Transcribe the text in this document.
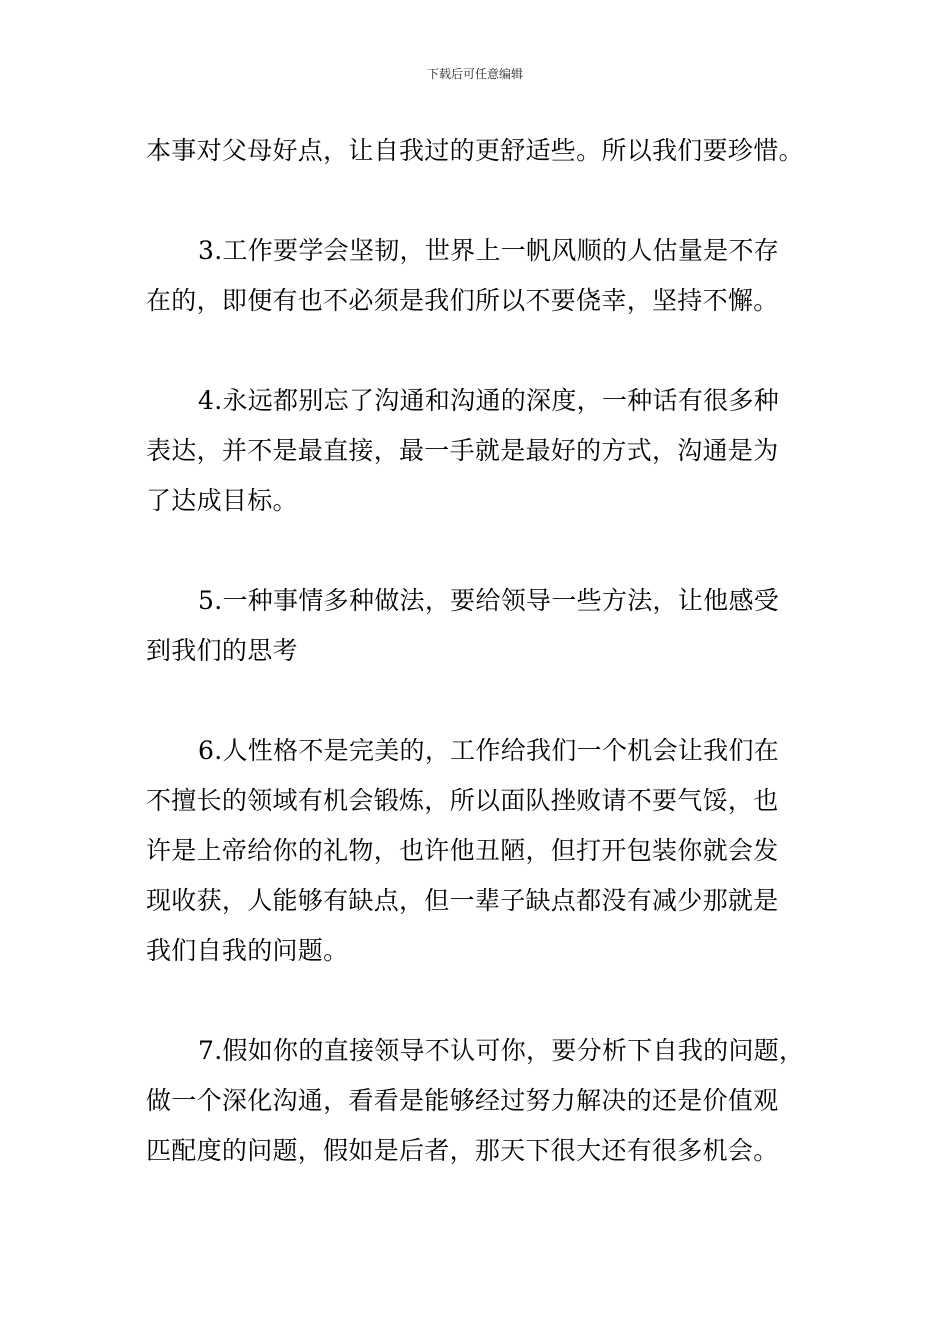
下载后可任意编辑

本事对父母好点，让自我过的更舒适些。所以我们要珍惜。

3.工作要学会坚韧，世界上一帆风顺的人估量是不存
在的，即便有也不必须是我们所以不要侥幸，坚持不懈。

4.永远都别忘了沟通和沟通的深度，一种话有很多种
表达，并不是最直接，最一手就是最好的方式，沟通是为
了达成目标。

5.一种事情多种做法，要给领导一些方法，让他感受
到我们的思考

6.人性格不是完美的，工作给我们一个机会让我们在
不擅长的领域有机会锻炼，所以面队挫败请不要气馁，也
许是上帝给你的礼物，也许他丑陋，但打开包装你就会发
现收获，人能够有缺点，但一辈子缺点都没有减少那就是
我们自我的问题。

7.假如你的直接领导不认可你，要分析下自我的问题，
做一个深化沟通，看看是能够经过努力解决的还是价值观
匹配度的问题，假如是后者，那天下很大还有很多机会。
